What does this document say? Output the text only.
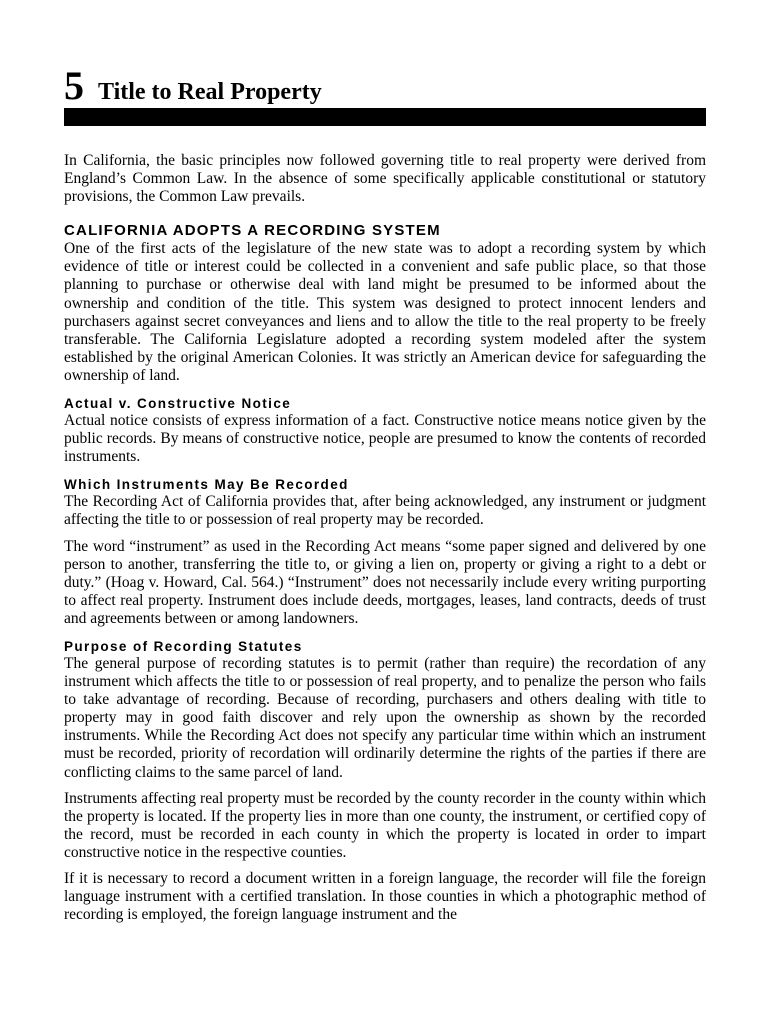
5 Title to Real Property

In California, the basic principles now followed governing title to real property were derived from England’s Common Law. In the absence of some specifically applicable constitutional or statutory provisions, the Common Law prevails.

CALIFORNIA ADOPTS A RECORDING SYSTEM

One of the first acts of the legislature of the new state was to adopt a recording system by which evidence of title or interest could be collected in a convenient and safe public place, so that those planning to purchase or otherwise deal with land might be presumed to be informed about the ownership and condition of the title. This system was designed to protect innocent lenders and purchasers against secret conveyances and liens and to allow the title to the real property to be freely transferable. The California Legislature adopted a recording system modeled after the system established by the original American Colonies. It was strictly an American device for safeguarding the ownership of land.

Actual v. Constructive Notice

Actual notice consists of express information of a fact. Constructive notice means notice given by the public records. By means of constructive notice, people are presumed to know the contents of recorded instruments.

Which Instruments May Be Recorded

The Recording Act of California provides that, after being acknowledged, any instrument or judgment affecting the title to or possession of real property may be recorded.

The word “instrument” as used in the Recording Act means “some paper signed and delivered by one person to another, transferring the title to, or giving a lien on, property or giving a right to a debt or duty.” (Hoag v. Howard, Cal. 564.) “Instrument” does not necessarily include every writing purporting to affect real property. Instrument does include deeds, mortgages, leases, land contracts, deeds of trust and agreements between or among landowners.

Purpose of Recording Statutes

The general purpose of recording statutes is to permit (rather than require) the recordation of any instrument which affects the title to or possession of real property, and to penalize the person who fails to take advantage of recording. Because of recording, purchasers and others dealing with title to property may in good faith discover and rely upon the ownership as shown by the recorded instruments. While the Recording Act does not specify any particular time within which an instrument must be recorded, priority of recordation will ordinarily determine the rights of the parties if there are conflicting claims to the same parcel of land.

Instruments affecting real property must be recorded by the county recorder in the county within which the property is located. If the property lies in more than one county, the instrument, or certified copy of the record, must be recorded in each county in which the property is located in order to impart constructive notice in the respective counties.

If it is necessary to record a document written in a foreign language, the recorder will file the foreign language instrument with a certified translation. In those counties in which a photographic method of recording is employed, the foreign language instrument and the
